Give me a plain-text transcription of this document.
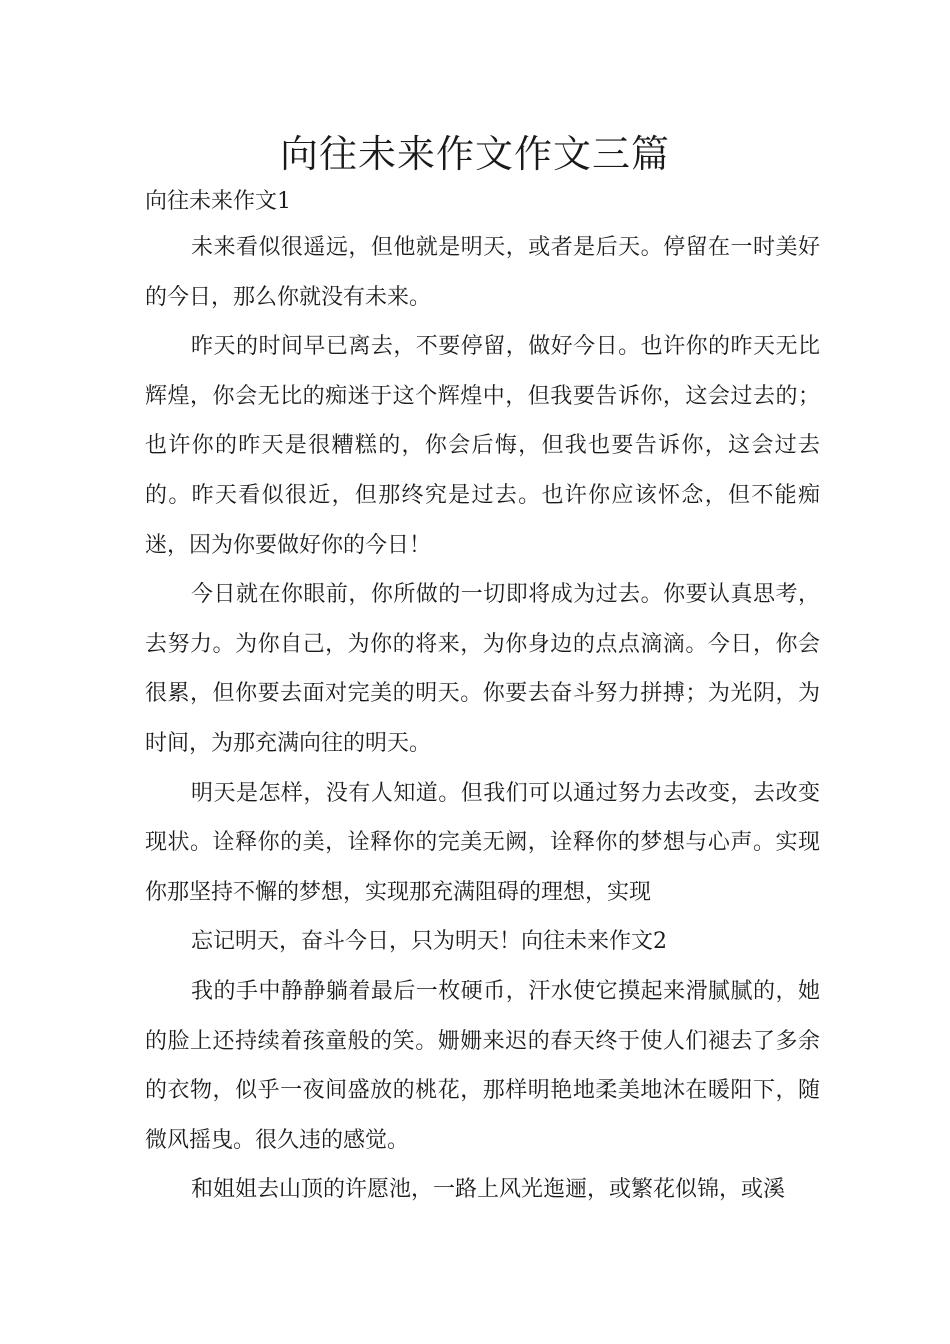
向往未来作文作文三篇
向往未来作文1

未来看似很遥远，但他就是明天，或者是后天。停留在一时美好的今日，那么你就没有未来。

昨天的时间早已离去，不要停留，做好今日。也许你的昨天无比辉煌，你会无比的痴迷于这个辉煌中，但我要告诉你，这会过去的；也许你的昨天是很糟糕的，你会后悔，但我也要告诉你，这会过去的。昨天看似很近，但那终究是过去。也许你应该怀念，但不能痴迷，因为你要做好你的今日！

今日就在你眼前，你所做的一切即将成为过去。你要认真思考，去努力。为你自己，为你的将来，为你身边的点点滴滴。今日，你会很累，但你要去面对完美的明天。你要去奋斗努力拼搏；为光阴，为时间，为那充满向往的明天。

明天是怎样，没有人知道。但我们可以通过努力去改变，去改变现状。诠释你的美，诠释你的完美无阙，诠释你的梦想与心声。实现你那坚持不懈的梦想，实现那充满阻碍的理想，实现

忘记明天，奋斗今日，只为明天！向往未来作文2

我的手中静静躺着最后一枚硬币，汗水使它摸起来滑腻腻的，她的脸上还持续着孩童般的笑。姗姗来迟的春天终于使人们褪去了多余的衣物，似乎一夜间盛放的桃花，那样明艳地柔美地沐在暖阳下，随微风摇曳。很久违的感觉。

和姐姐去山顶的许愿池，一路上风光迤逦，或繁花似锦，或溪
